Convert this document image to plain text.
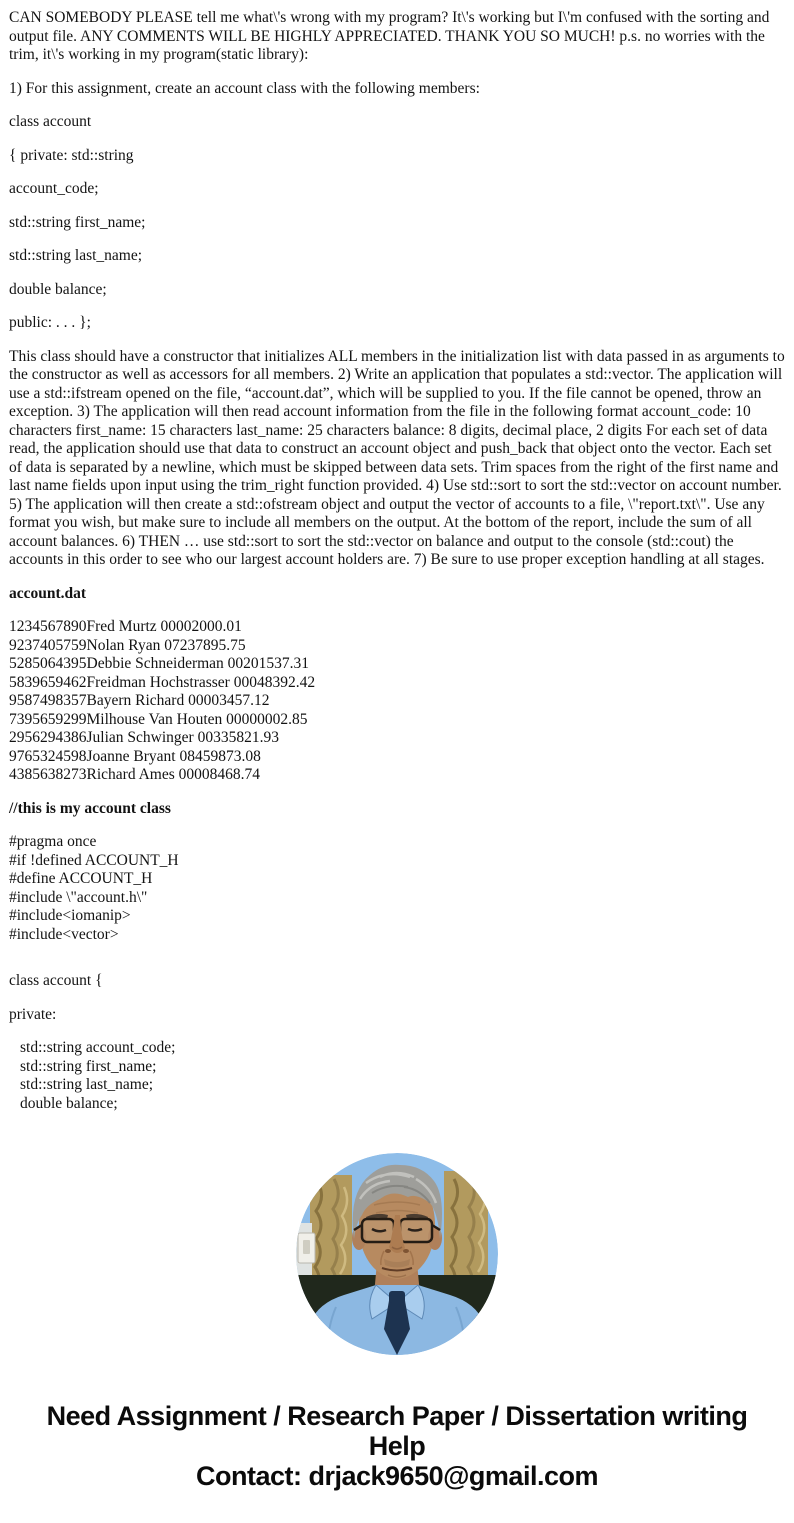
CAN SOMEBODY PLEASE tell me what\'s wrong with my program? It\'s working but I\'m confused with the sorting and output file. ANY COMMENTS WILL BE HIGHLY APPRECIATED. THANK YOU SO MUCH! p.s. no worries with the trim, it\'s working in my program(static library):
1) For this assignment, create an account class with the following members:
class account
{ private: std::string
account_code;
std::string first_name;
std::string last_name;
double balance;
public: . . . };
This class should have a constructor that initializes ALL members in the initialization list with data passed in as arguments to the constructor as well as accessors for all members. 2) Write an application that populates a std::vector. The application will use a std::ifstream opened on the file, “account.dat”, which will be supplied to you. If the file cannot be opened, throw an exception. 3) The application will then read account information from the file in the following format account_code: 10 characters first_name: 15 characters last_name: 25 characters balance: 8 digits, decimal place, 2 digits For each set of data read, the application should use that data to construct an account object and push_back that object onto the vector. Each set of data is separated by a newline, which must be skipped between data sets. Trim spaces from the right of the first name and last name fields upon input using the trim_right function provided. 4) Use std::sort to sort the std::vector on account number. 5) The application will then create a std::ofstream object and output the vector of accounts to a file, \"report.txt\". Use any format you wish, but make sure to include all members on the output. At the bottom of the report, include the sum of all account balances. 6) THEN … use std::sort to sort the std::vector on balance and output to the console (std::cout) the accounts in this order to see who our largest account holders are. 7) Be sure to use proper exception handling at all stages.
account.dat
1234567890Fred Murtz 00002000.01
9237405759Nolan Ryan 07237895.75
5285064395Debbie Schneiderman 00201537.31
5839659462Freidman Hochstrasser 00048392.42
9587498357Bayern Richard 00003457.12
7395659299Milhouse Van Houten 00000002.85
2956294386Julian Schwinger 00335821.93
9765324598Joanne Bryant 08459873.08
4385638273Richard Ames 00008468.74
//this is my account class
#pragma once
#if !defined ACCOUNT_H
#define ACCOUNT_H
#include \"account.h\"
#include<iomanip>
#include<vector>
class account {
private:
std::string account_code;
std::string first_name;
std::string last_name;
double balance;
Need Assignment / Research Paper / Dissertation writing Help
Contact: drjack9650@gmail.com
